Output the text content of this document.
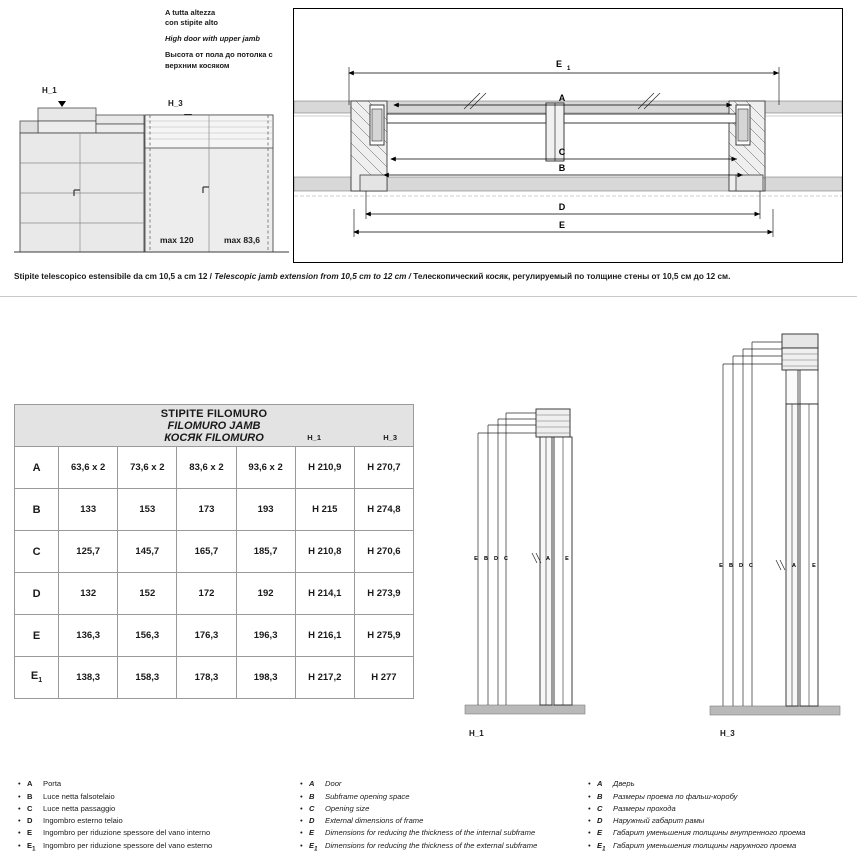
A tutta altezza
con stipite alto
High door with upper jamb
Высота от пола до потолка с
верхним косяком
H_1
H_3
max 120	max 83,6
E 1
A
C
B
D
E
Stipite telescopico estensibile da cm 10,5 a cm 12 / Telescopic jamb extension from 10,5 cm to 12 cm / Телескопический косяк, регулируемый по толщине стены от 10,5 см до 12 см.
STIPITE FILOMURO
FILOMURO JAMB
КОСЯК FILOMURO H_1 H_3						

A	63,6 x 2	73,6 x 2	83,6 x 2	93,6 x 2	H 210,9	H 270,7
B	133	153	173	193	H 215	H 274,8
C	125,7	145,7	165,7	185,7	H 210,8	H 270,6
D	132	152	172	192	H 214,1	H 273,9
E	136,3	156,3	176,3	196,3	H 216,1	H 275,9
$E_1$	138,3	158,3	178,3	198,3	H 217,2	H 277
E B D C	A	E
H_1
E B D C	A	E
H_3
• A	Porta
• B	Luce netta falsotelaio
• C	Luce netta passaggio
• D	Ingombro esterno telaio
• E	Ingombro per riduzione spessore del vano interno
• $E_1$ Ingombro per riduzione spessore del vano esterno
• A	Door
• B	Subframe opening space
• C	Opening size
• D	External dimensions of frame
• E	Dimensions for reducing the thickness of the internal subframe
• $E_1$ Dimensions for reducing the thickness of the external subframe
• A	Дверь
• B	Размеры проема по фальш-коробу
• C	Размеры прохода
• D	Наружный габарит рамы
• E	Габарит уменьшения толщины внутренного проема
• $E_1$ Габарит уменьшения толщины наружного проема
